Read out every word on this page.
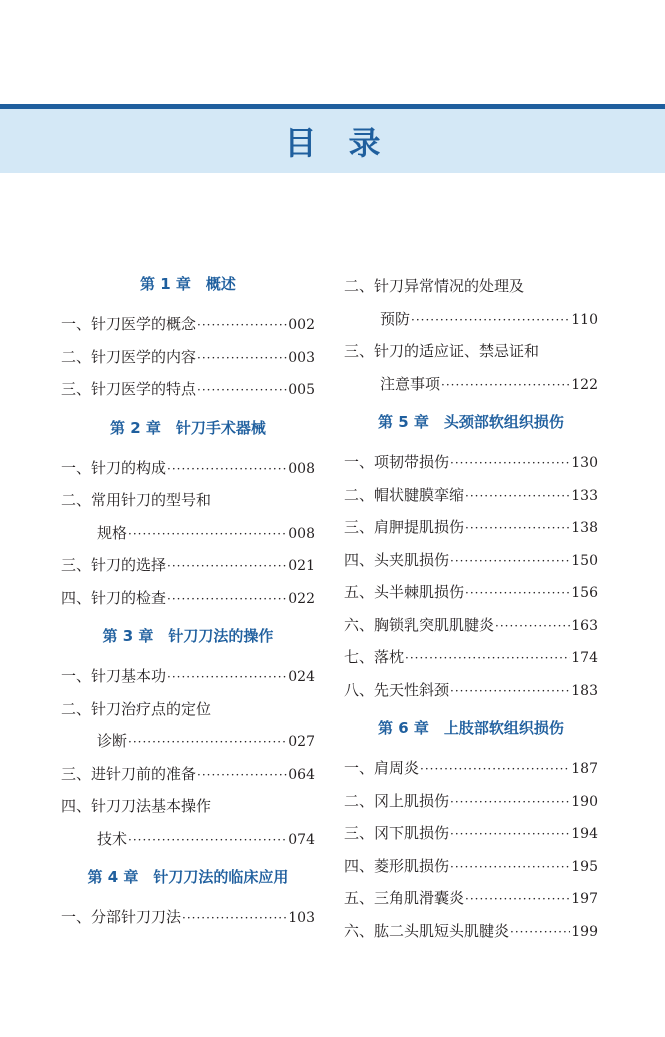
目录
第 1 章　概述
一、针刀医学的概念 ·····	002
二、针刀医学的内容 ·····	003
三、针刀医学的特点 ·····	005
第 2 章　针刀手术器械
一、针刀的构成 ·····	008
二、常用针刀的型号和
规格 ·····	008
三、针刀的选择 ·····	021
四、针刀的检查 ·····	022
第 3 章　针刀刀法的操作
一、针刀基本功 ·····	024
二、针刀治疗点的定位
诊断 ·····	027
三、进针刀前的准备 ·····	064
四、针刀刀法基本操作
技术 ·····	074
第 4 章　针刀刀法的临床应用
一、分部针刀刀法 ·····	103
二、针刀异常情况的处理及
预防 ·····	110
三、针刀的适应证、禁忌证和
注意事项 ·····	122
第 5 章　头颈部软组织损伤
一、项韧带损伤 ·····	130
二、帽状腱膜挛缩 ·····	133
三、肩胛提肌损伤 ·····	138
四、头夹肌损伤 ·····	150
五、头半棘肌损伤 ·····	156
六、胸锁乳突肌肌腱炎 ·····	163
七、落枕 ·····	174
八、先天性斜颈 ·····	183
第 6 章　上肢部软组织损伤
一、肩周炎 ·····	187
二、冈上肌损伤 ·····	190
三、冈下肌损伤 ·····	194
四、菱形肌损伤 ·····	195
五、三角肌滑囊炎 ·····	197
六、肱二头肌短头肌腱炎 ·····	199
